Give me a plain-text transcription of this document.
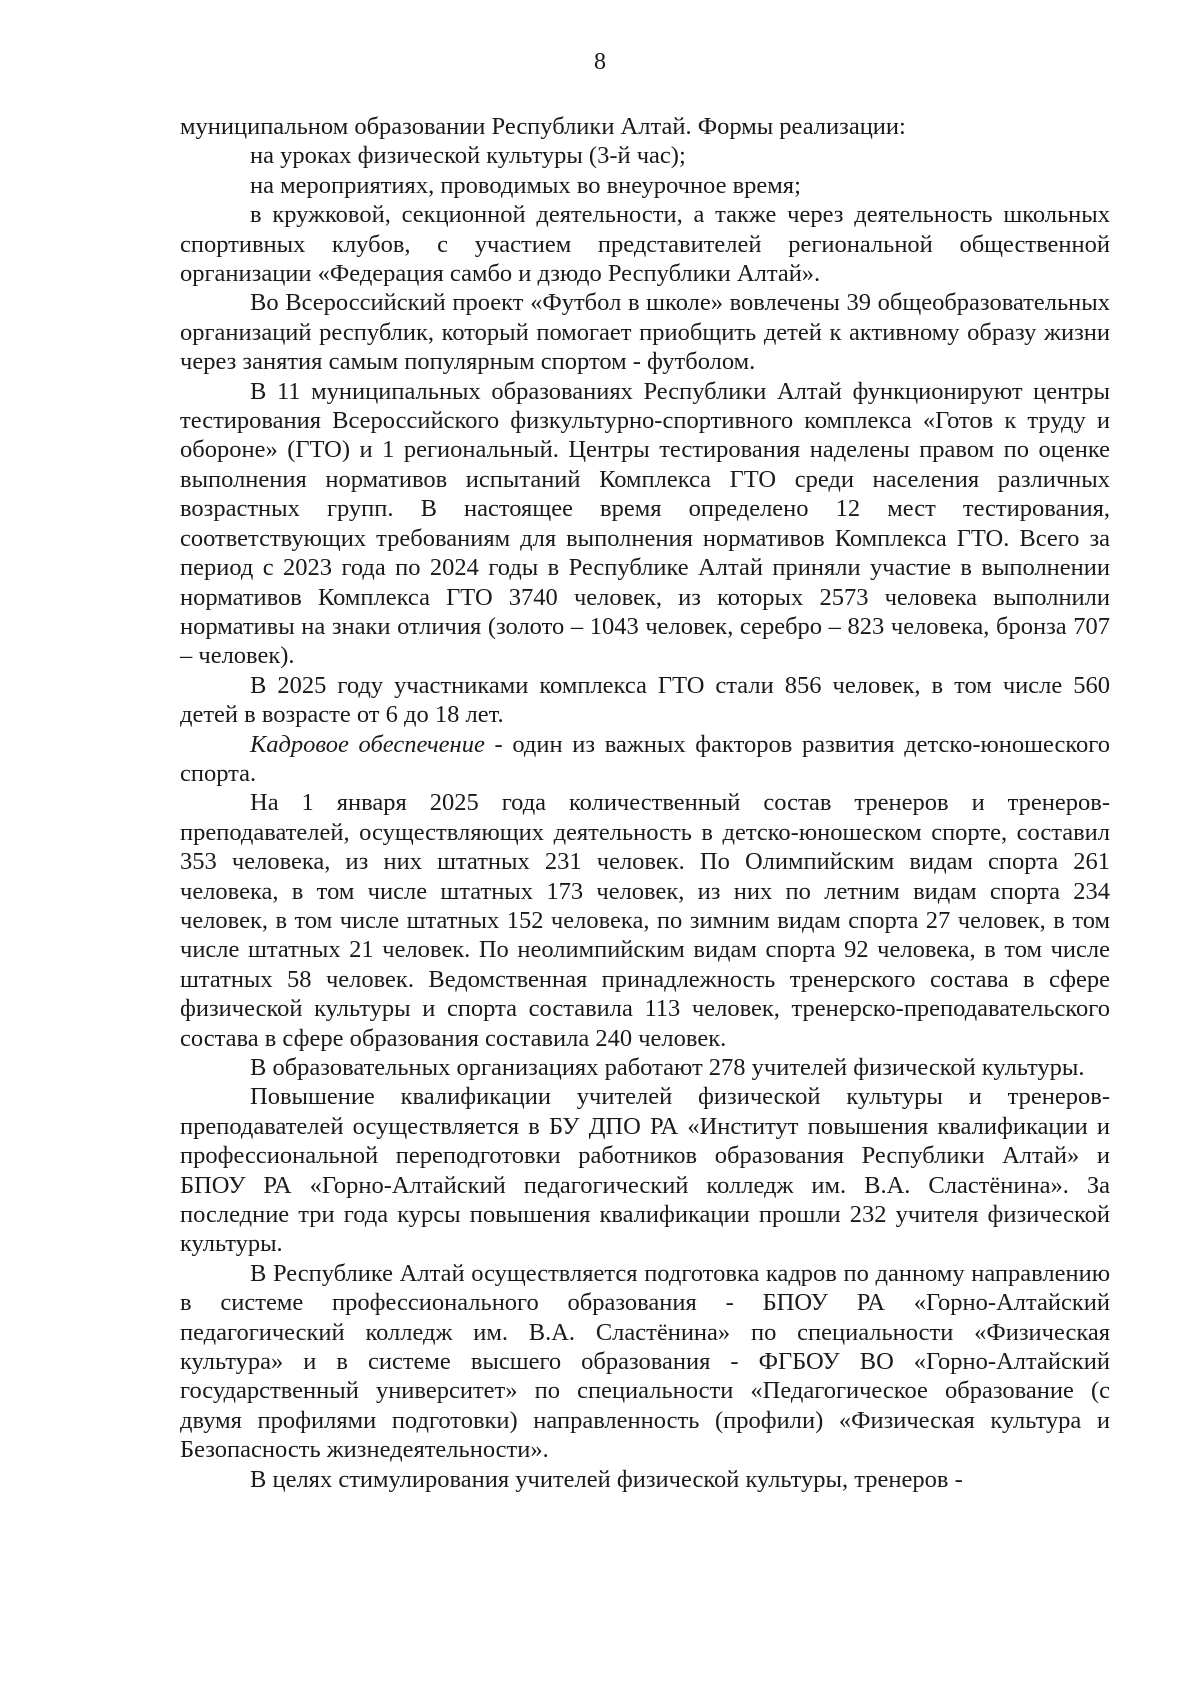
8

муниципальном образовании Республики Алтай. Формы реализации:

на уроках физической культуры (3-й час);

на мероприятиях, проводимых во внеурочное время;

в кружковой, секционной деятельности, а также через деятельность школьных спортивных клубов, с участием представителей региональной общественной организации «Федерация самбо и дзюдо Республики Алтай».

Во Всероссийский проект «Футбол в школе» вовлечены 39 общеобразовательных организаций республик, который помогает приобщить детей к активному образу жизни через занятия самым популярным спортом - футболом.

В 11 муниципальных образованиях Республики Алтай функционируют центры тестирования Всероссийского физкультурно-спортивного комплекса «Готов к труду и обороне» (ГТО) и 1 региональный. Центры тестирования наделены правом по оценке выполнения нормативов испытаний Комплекса ГТО среди населения различных возрастных групп. В настоящее время определено 12 мест тестирования, соответствующих требованиям для выполнения нормативов Комплекса ГТО. Всего за период с 2023 года по 2024 годы в Республике Алтай приняли участие в выполнении нормативов Комплекса ГТО 3740 человек, из которых 2573 человека выполнили нормативы на знаки отличия (золото – 1043 человек, серебро – 823 человека, бронза 707 – человек).

В 2025 году участниками комплекса ГТО стали 856 человек, в том числе 560 детей в возрасте от 6 до 18 лет.

Кадровое обеспечение - один из важных факторов развития детско-юношеского спорта.

На 1 января 2025 года количественный состав тренеров и тренеров-преподавателей, осуществляющих деятельность в детско-юношеском спорте, составил 353 человека, из них штатных 231 человек. По Олимпийским видам спорта 261 человека, в том числе штатных 173 человек, из них по летним видам спорта 234 человек, в том числе штатных 152 человека, по зимним видам спорта 27 человек, в том числе штатных 21 человек. По неолимпийским видам спорта 92 человека, в том числе штатных 58 человек. Ведомственная принадлежность тренерского состава в сфере физической культуры и спорта составила 113 человек, тренерско-преподавательского состава в сфере образования составила 240 человек.

В образовательных организациях работают 278 учителей физической культуры.

Повышение квалификации учителей физической культуры и тренеров-преподавателей осуществляется в БУ ДПО РА «Институт повышения квалификации и профессиональной переподготовки работников образования Республики Алтай» и БПОУ РА «Горно-Алтайский педагогический колледж им. В.А. Сластёнина». За последние три года курсы повышения квалификации прошли 232 учителя физической культуры.

В Республике Алтай осуществляется подготовка кадров по данному направлению в системе профессионального образования - БПОУ РА «Горно-Алтайский педагогический колледж им. В.А. Сластёнина» по специальности «Физическая культура» и в системе высшего образования - ФГБОУ ВО «Горно-Алтайский государственный университет» по специальности «Педагогическое образование (с двумя профилями подготовки) направленность (профили) «Физическая культура и Безопасность жизнедеятельности».

В целях стимулирования учителей физической культуры, тренеров -
